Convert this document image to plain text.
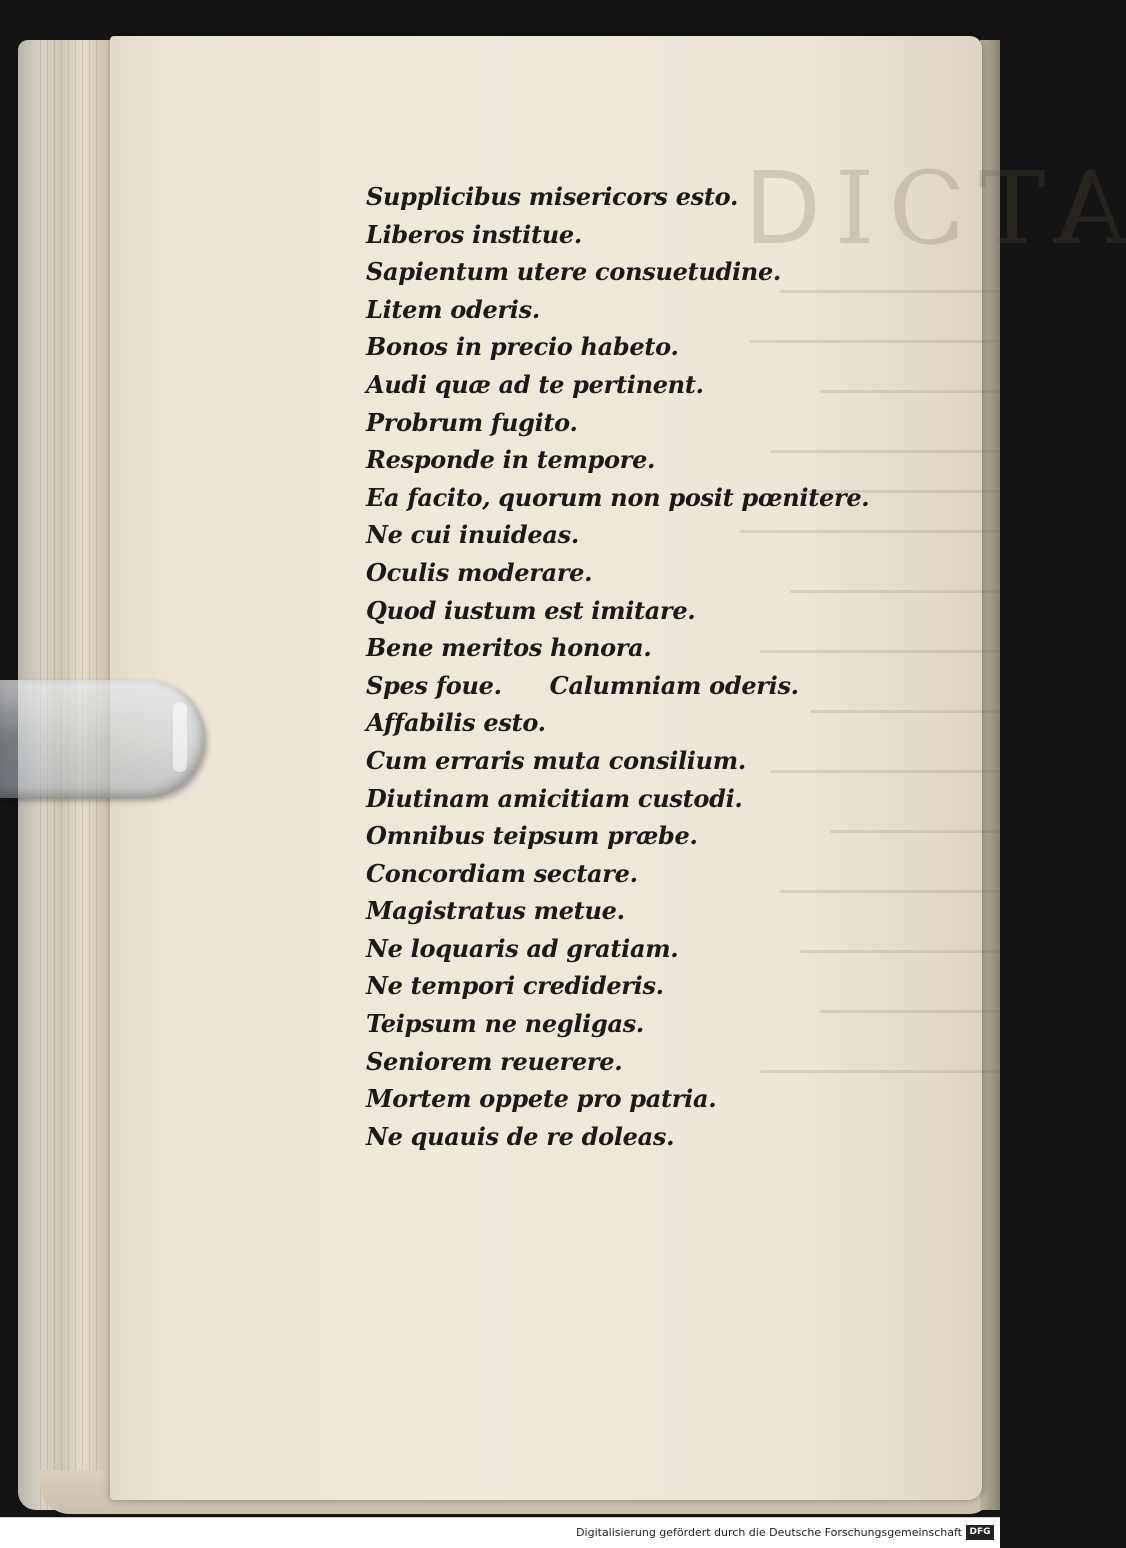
ATƆIᗡ
Supplicibus misericors esto.
Liberos institue.
Sapientum utere consuetudine.
Litem oderis.
Bonos in precio habeto.
Audi quæ ad te pertinent.
Probrum fugito.
Responde in tempore.
Ea facito, quorum non posit pœnitere.
Ne cui inuideas.
Oculis moderare.
Quod iustum est imitare.
Bene meritos honora.
Spes foue. Calumniam oderis.
Affabilis esto.
Cum erraris muta consilium.
Diutinam amicitiam custodi.
Omnibus teipsum præbe.
Concordiam sectare.
Magistratus metue.
Ne loquaris ad gratiam.
Ne tempori credideris.
Teipsum ne negligas.
Seniorem reuerere.
Mortem oppete pro patria.
Ne quauis de re doleas.
Digitalisierung gefördert durch die Deutsche Forschungsgemeinschaft DFG
